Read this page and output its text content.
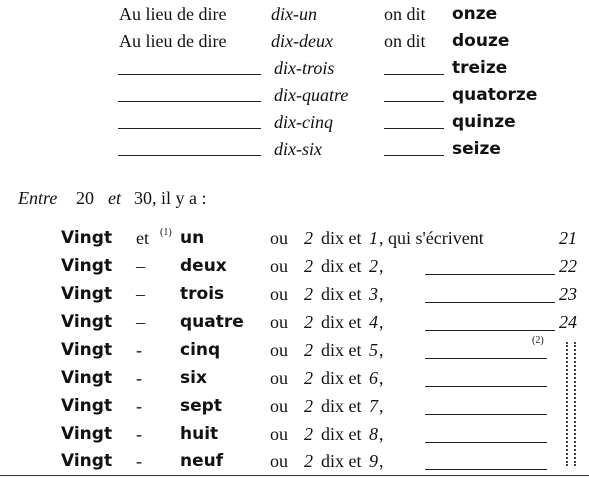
Au lieu de dire dix-un	on dit onze
Au lieu de dire dix-deux	on dit douze
dix-trois	treize
dix-quatre	quatorze
dix-cinq	quinze
dix-six	seize
Entre 20 et 30, il y a :
Vingt et (1) un	ou 2 dix et 1 , qui s'écrivent	21
Vingt – deux ou 2 dix et 2 ,	22
Vingt – trois	ou 2 dix et 3 ,	23
Vingt – quatre ou 2 dix et 4 ,	24
(2)
Vingt - cinq	ou 2 dix et 5 ,
Vingt - six	ou 2 dix et 6 ,
Vingt - sept	ou 2 dix et 7 ,
Vingt - huit	ou 2 dix et 8 ,
Vingt - neuf	ou 2 dix et 9 ,
